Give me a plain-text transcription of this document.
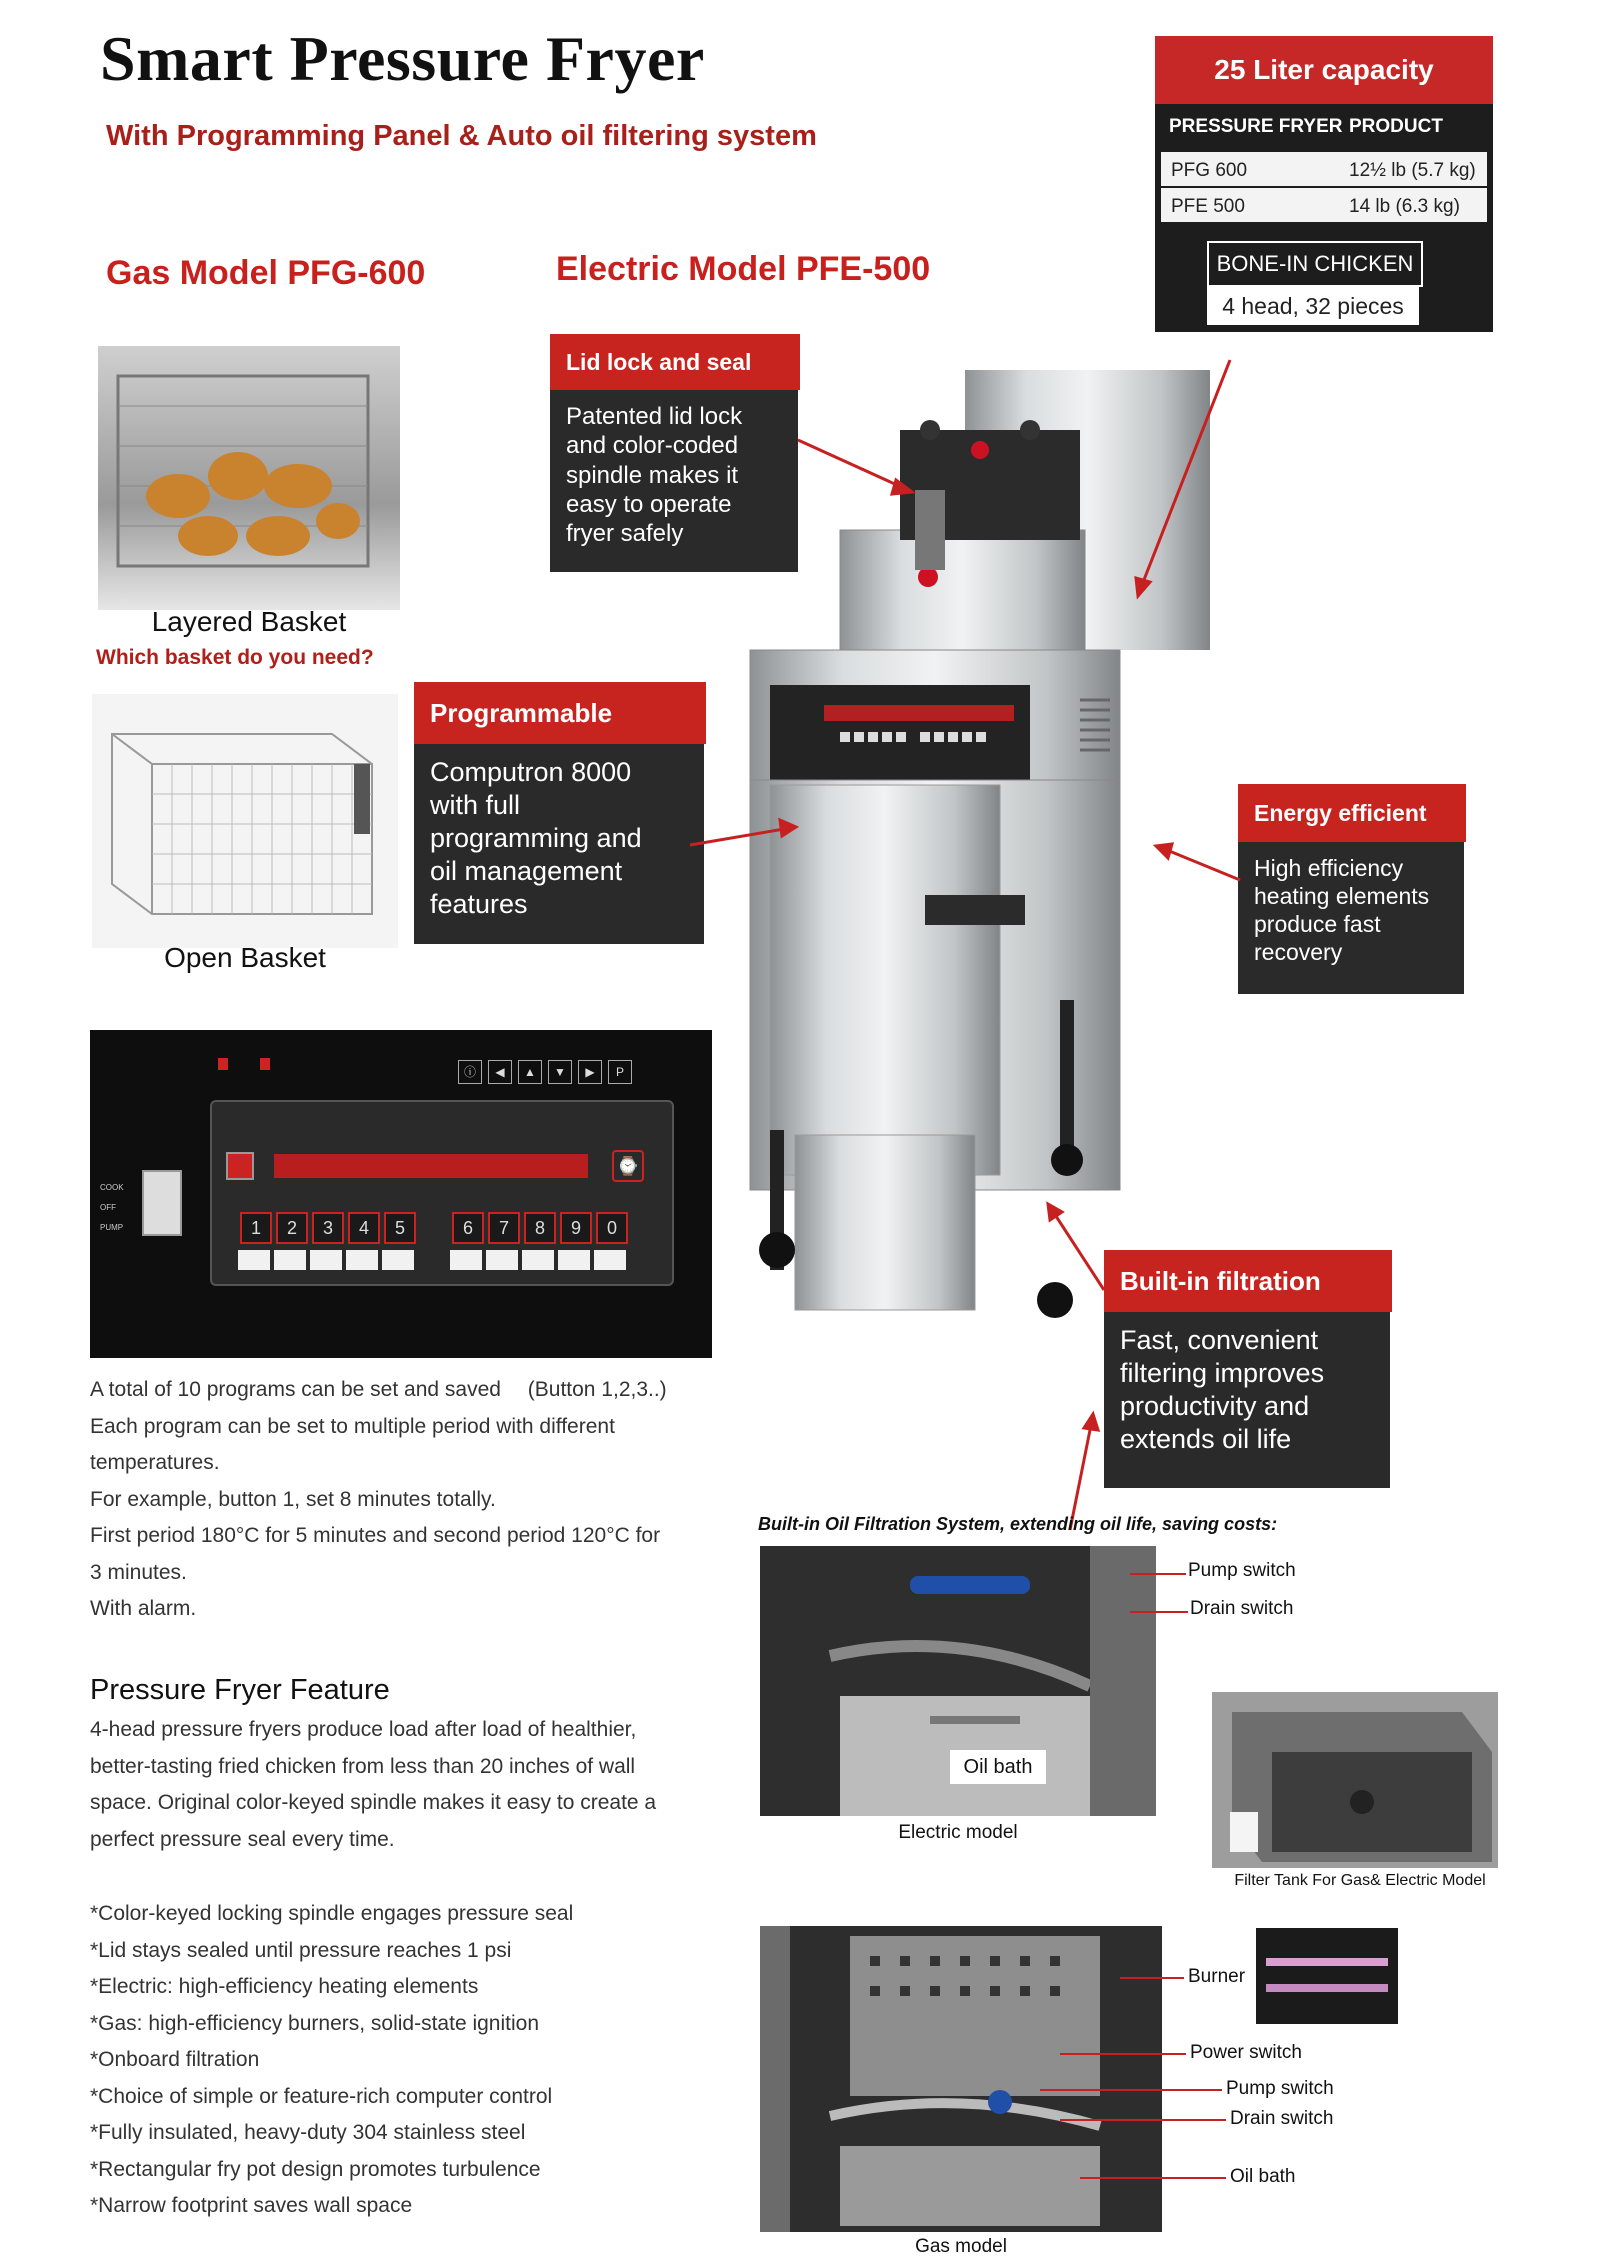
Smart Pressure Fryer
With Programming Panel & Auto oil filtering system
Gas Model PFG-600	Electric Model PFE-500
25 Liter capacity
PRESSURE FRYER PRODUCT
PFG 600	12½ lb (5.7 kg)
PFE 500	14 lb (6.3 kg)
BONE-IN CHICKEN
4 head, 32 pieces
Layered Basket
Which basket do you need?
Open Basket
Lid lock and seal
Patented lid lock
and color-coded
spindle makes it
easy to operate
fryer safely
Programmable
Computron 8000
with full
programming and
oil management
features
Energy efficient
High efficiency
heating elements
produce fast
recovery
Built-in filtration
Fast, convenient
filtering improves
productivity and
extends oil life
ⓘ	◀	▲	▼	▶	P
COOK
OFF
PUMP
⌚
1	2	3	4	5	6	7	8	9	0
A total of 10 programs can be set and saved 　(Button 1,2,3..)
Each program can be set to multiple period with different
temperatures.
For example, button 1, set 8 minutes totally.
First period 180°C for 5 minutes and second period 120°C for
3 minutes.
With alarm.
Pressure Fryer Feature
4-head pressure fryers produce load after load of healthier,
better-tasting fried chicken from less than 20 inches of wall
space. Original color-keyed spindle makes it easy to create a
perfect pressure seal every time.
*Color-keyed locking spindle engages pressure seal
*Lid stays sealed until pressure reaches 1 psi
*Electric: high-efficiency heating elements
*Gas: high-efficiency burners, solid-state ignition
*Onboard filtration
*Choice of simple or feature-rich computer control
*Fully insulated, heavy-duty 304 stainless steel
*Rectangular fry pot design promotes turbulence
*Narrow footprint saves wall space
Built-in Oil Filtration System, extending oil life, saving costs:
Oil bath
Pump switch
Drain switch
Electric model
Filter Tank For Gas& Electric Model
Burner
Power switch
Pump switch
Drain switch
Oil bath
Gas model
